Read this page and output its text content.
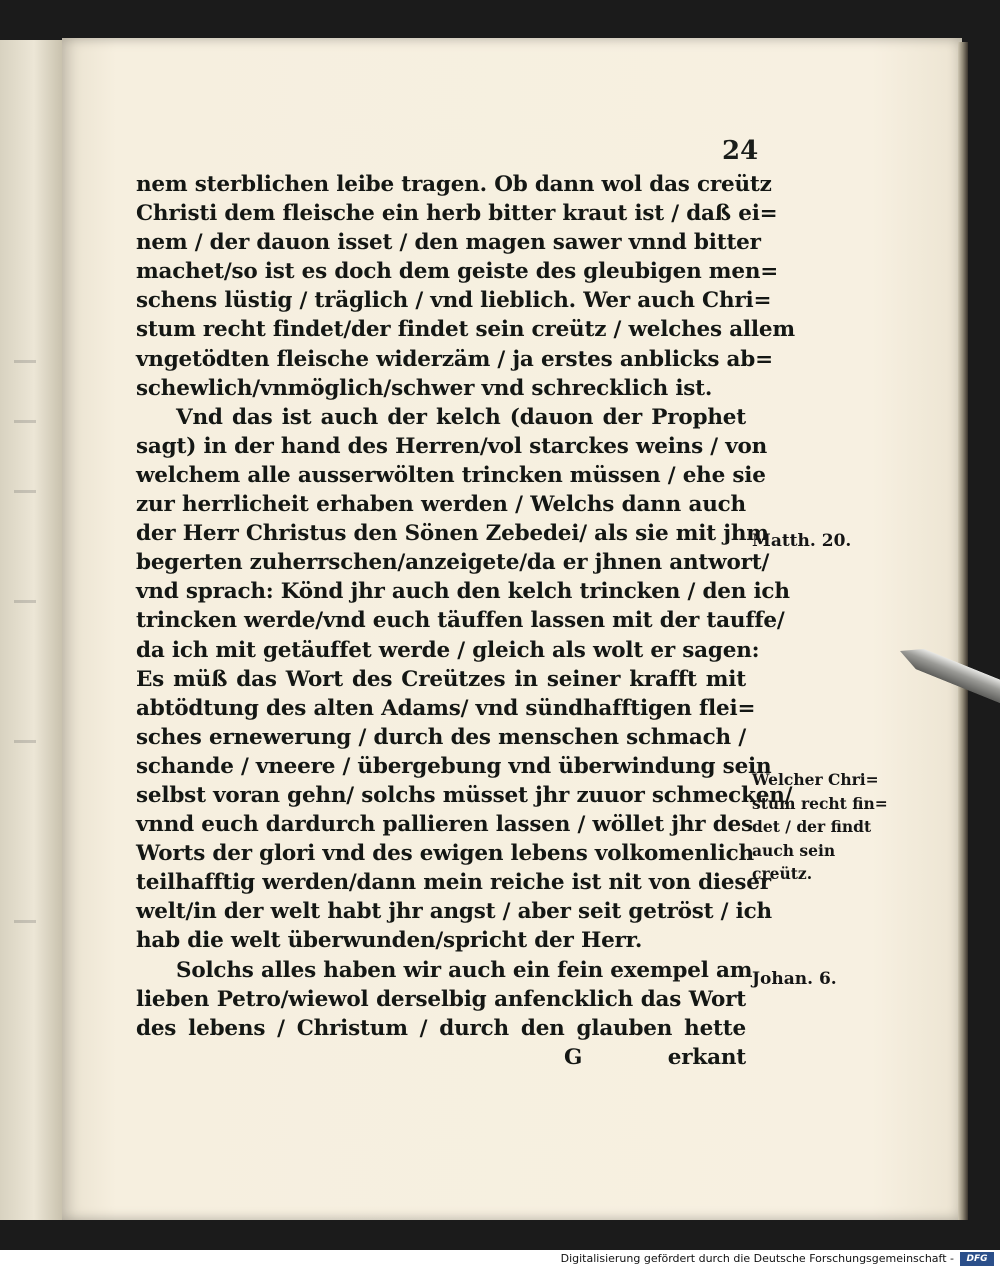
24
nem sterblichen leibe tragen. Ob dann wol das creütz
Christi dem fleische ein herb bitter kraut ist / daß ei=
nem / der dauon isset / den magen sawer vnnd bitter
machet/so ist es doch dem geiste des gleubigen men=
schens lüstig / träglich / vnd lieblich. Wer auch Chri=
stum recht findet/der findet sein creütz / welches allem
vngetödten fleische widerzäm / ja erstes anblicks ab=
schewlich/vnmöglich/schwer vnd schrecklich ist.
Vnd das ist auch der kelch (dauon der Prophet
sagt) in der hand des Herren/vol starckes weins / von
welchem alle ausserwölten trincken müssen / ehe sie
zur herrlicheit erhaben werden / Welchs dann auch
der Herr Christus den Sönen Zebedei/ als sie mit jhm
begerten zuherrschen/anzeigete/da er jhnen antwort/
vnd sprach: Könd jhr auch den kelch trincken / den ich
trincken werde/vnd euch täuffen lassen mit der tauffe/
da ich mit getäuffet werde / gleich als wolt er sagen:
Es müß das Wort des Creützes in seiner krafft mit
abtödtung des alten Adams/ vnd sündhafftigen flei=
sches ernewerung / durch des menschen schmach /
schande / vneere / übergebung vnd überwindung sein
selbst voran gehn/ solchs müsset jhr zuuor schmecken/
vnnd euch dardurch pallieren lassen / wöllet jhr des
Worts der glori vnd des ewigen lebens volkomenlich
teilhafftig werden/dann mein reiche ist nit von dieser
welt/in der welt habt jhr angst / aber seit getröst / ich
hab die welt überwunden/spricht der Herr.
Solchs alles haben wir auch ein fein exempel am
lieben Petro/wiewol derselbig anfencklich das Wort
des lebens / Christum / durch den glauben hette
G	erkant
Matth. 20.
Welcher Chri=
stum recht fin=
det / der findt
auch sein
creütz.
Johan. 6.
Digitalisierung gefördert durch die Deutsche Forschungsgemeinschaft -	DFG
